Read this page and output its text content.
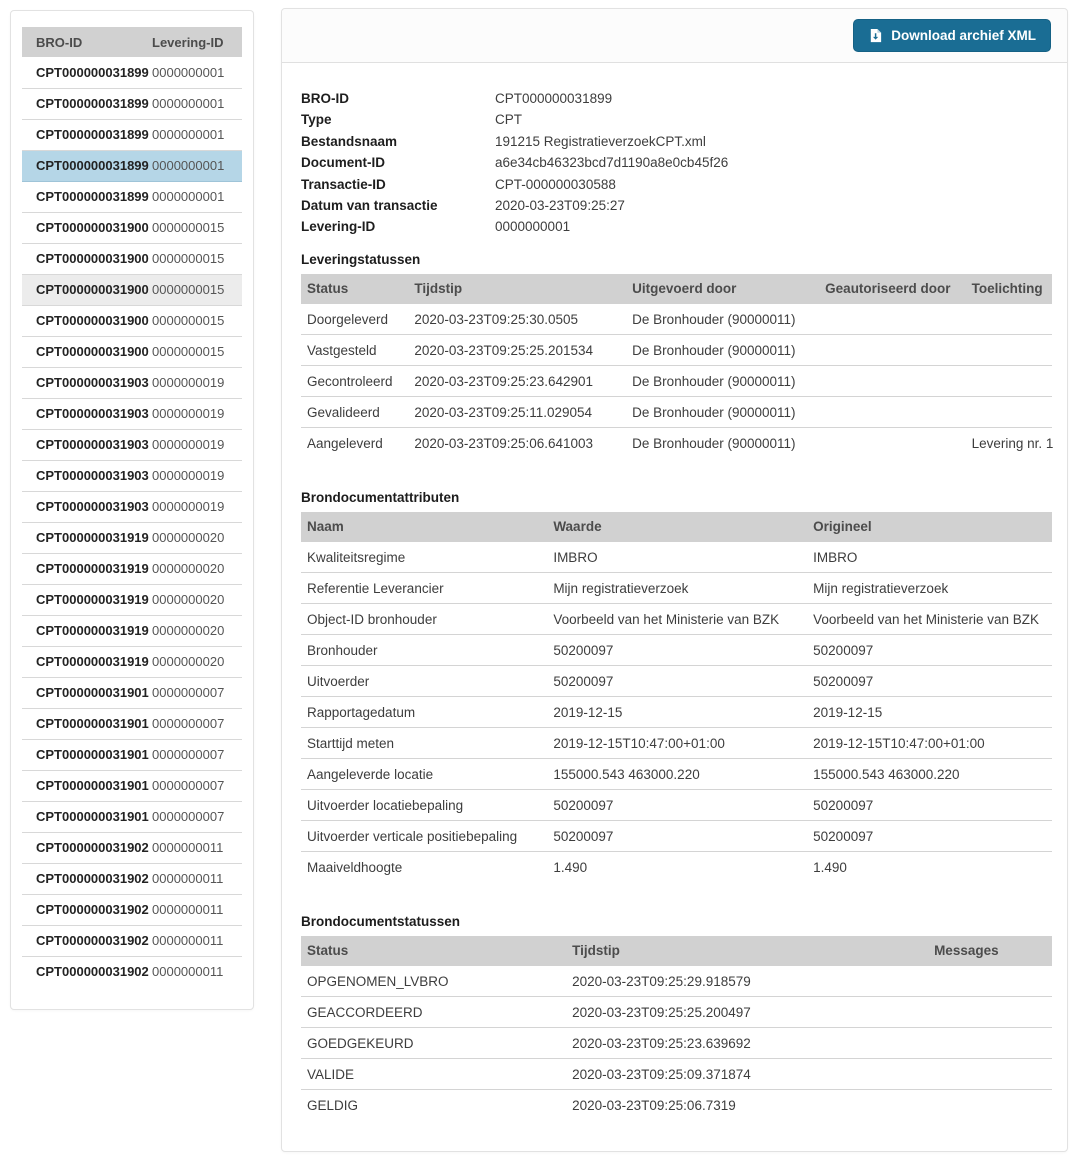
BRO-ID	Levering-ID
CPT000000031899	0000000001
CPT000000031899	0000000001
CPT000000031899	0000000001
CPT000000031899	0000000001
CPT000000031899	0000000001
CPT000000031900	0000000015
CPT000000031900	0000000015
CPT000000031900	0000000015
CPT000000031900	0000000015
CPT000000031900	0000000015
CPT000000031903	0000000019
CPT000000031903	0000000019
CPT000000031903	0000000019
CPT000000031903	0000000019
CPT000000031903	0000000019
CPT000000031919	0000000020
CPT000000031919	0000000020
CPT000000031919	0000000020
CPT000000031919	0000000020
CPT000000031919	0000000020
CPT000000031901	0000000007
CPT000000031901	0000000007
CPT000000031901	0000000007
CPT000000031901	0000000007
CPT000000031901	0000000007
CPT000000031902	0000000011
CPT000000031902	0000000011
CPT000000031902	0000000011
CPT000000031902	0000000011
CPT000000031902	0000000011
Download archief XML
BRO-ID	CPT000000031899
Type	CPT
Bestandsnaam	191215 RegistratieverzoekCPT.xml
Document-ID	a6e34cb46323bcd7d1190a8e0cb45f26
Transactie-ID	CPT-000000030588
Datum van transactie	2020-03-23T09:25:27
Levering-ID	0000000001
Leveringstatussen
Status	Tijdstip	Uitgevoerd door	Geautoriseerd door	Toelichting
Doorgeleverd	2020-03-23T09:25:30.0505	De Bronhouder (90000011)		
Vastgesteld	2020-03-23T09:25:25.201534	De Bronhouder (90000011)		
Gecontroleerd	2020-03-23T09:25:23.642901	De Bronhouder (90000011)		
Gevalideerd	2020-03-23T09:25:11.029054	De Bronhouder (90000011)		
Aangeleverd	2020-03-23T09:25:06.641003	De Bronhouder (90000011)		Levering nr. 1
Brondocumentattributen
Naam	Waarde	Origineel
Kwaliteitsregime	IMBRO	IMBRO
Referentie Leverancier	Mijn registratieverzoek	Mijn registratieverzoek
Object-ID bronhouder	Voorbeeld van het Ministerie van BZK	Voorbeeld van het Ministerie van BZK
Bronhouder	50200097	50200097
Uitvoerder	50200097	50200097
Rapportagedatum	2019-12-15	2019-12-15
Starttijd meten	2019-12-15T10:47:00+01:00	2019-12-15T10:47:00+01:00
Aangeleverde locatie	155000.543 463000.220	155000.543 463000.220
Uitvoerder locatiebepaling	50200097	50200097
Uitvoerder verticale positiebepaling	50200097	50200097
Maaiveldhoogte	1.490	1.490
Brondocumentstatussen
Status	Tijdstip	Messages
OPGENOMEN_LVBRO	2020-03-23T09:25:29.918579	
GEACCORDEERD	2020-03-23T09:25:25.200497	
GOEDGEKEURD	2020-03-23T09:25:23.639692	
VALIDE	2020-03-23T09:25:09.371874	
GELDIG	2020-03-23T09:25:06.7319	
